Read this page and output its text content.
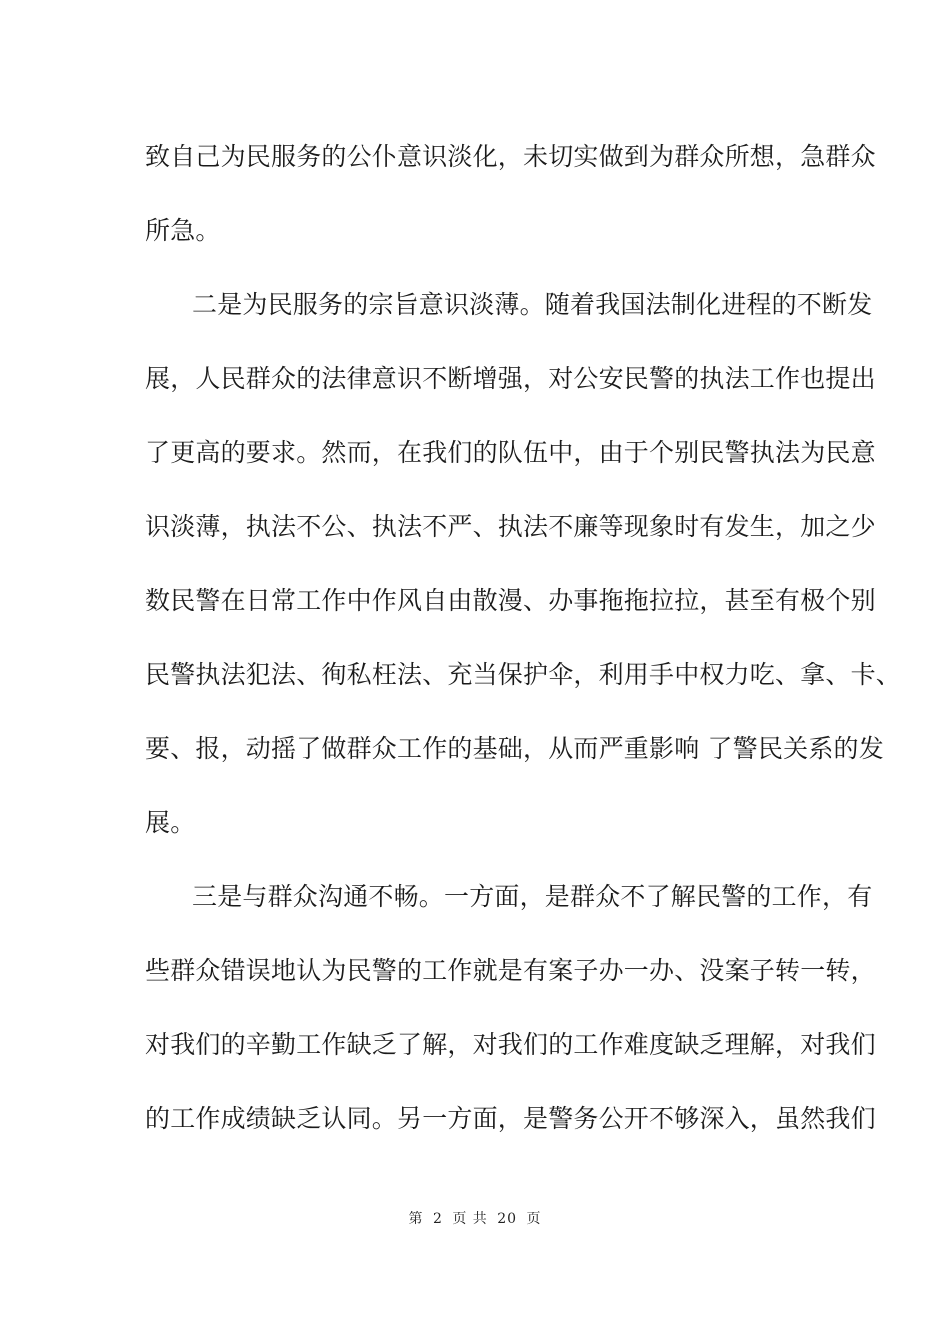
致自己为民服务的公仆意识淡化，未切实做到为群众所想，急群众
所急。
二是为民服务的宗旨意识淡薄。随着我国法制化进程的不断发
展，人民群众的法律意识不断增强，对公安民警的执法工作也提出
了更高的要求。然而，在我们的队伍中，由于个别民警执法为民意
识淡薄，执法不公、执法不严、执法不廉等现象时有发生，加之少
数民警在日常工作中作风自由散漫、办事拖拖拉拉，甚至有极个别
民警执法犯法、徇私枉法、充当保护伞，利用手中权力吃、拿、卡、
要、报，动摇了做群众工作的基础，从而严重影响 了警民关系的发
展。
三是与群众沟通不畅。一方面，是群众不了解民警的工作，有
些群众错误地认为民警的工作就是有案子办一办、没案子转一转，
对我们的辛勤工作缺乏了解，对我们的工作难度缺乏理解，对我们
的工作成绩缺乏认同。另一方面，是警务公开不够深入，虽然我们
第 2 页 共 20 页
